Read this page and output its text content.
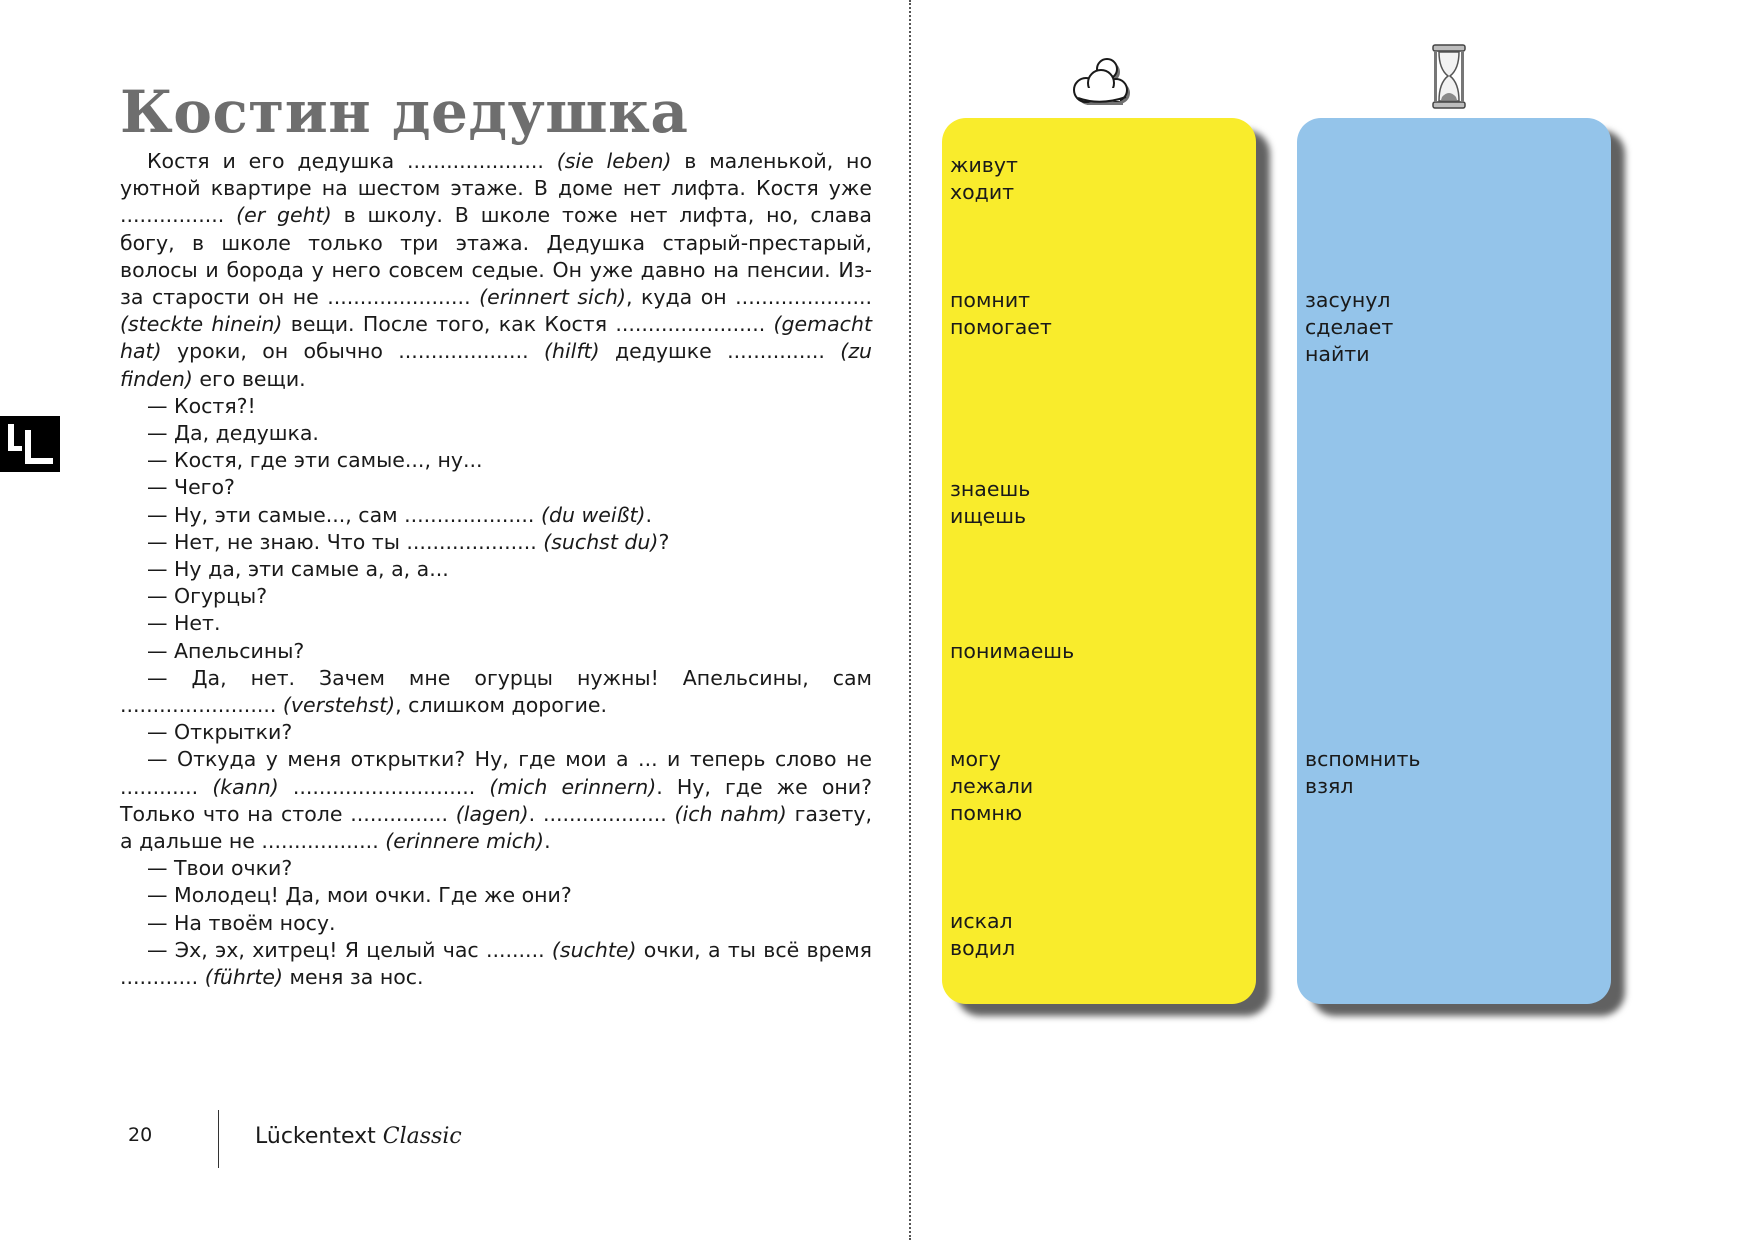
Костин дедушка

Костя и его дедушка ..................... (sie leben) в маленькой, но уютной квартире на шестом этаже. В доме нет лифта. Костя уже ................ (er geht) в школу. В школе тоже нет лифта, но, слава богу, в школе только три этажа. Дедушка старый-престарый, волосы и борода у него совсем седые. Он уже давно на пенсии. Из-за старости он не ...................... (erinnert sich), куда он ..................... (steckte hinein) вещи. После того, как Костя ....................... (gemacht hat) уроки, он обычно .................... (hilft) дедушке ............... (zu finden) его вещи.

— Костя?!

— Да, дедушка.

— Костя, где эти самые..., ну...

— Чего?

— Ну, эти самые..., сам .................... (du weißt).

— Нет, не знаю. Что ты .................... (suchst du)?

— Ну да, эти самые а, а, а...

— Огурцы?

— Нет.

— Апельсины?

— Да, нет. Зачем мне огурцы нужны! Апельсины, сам ........................ (verstehst), слишком дорогие.

— Открытки?

— Откуда у меня открытки? Ну, где мои а ... и теперь слово не ............ (kann) ............................ (mich erinnern). Ну, где же они? Только что на столе ............... (lagen). ................... (ich nahm) газету, а дальше не .................. (erinnere mich).

— Твои очки?

— Молодец! Да, мои очки. Где же они?

— На твоём носу.

— Эх, эх, хитрец! Я целый час ......... (suchte) очки, а ты всё время ............ (führte) меня за нос.

живут
ходит
помнит
помогает
знаешь
ищешь
понимаешь
могу
лежали
помню
искал
водил
засунул
сделает
найти
вспомнить
взял
20	Lückentext Classic
